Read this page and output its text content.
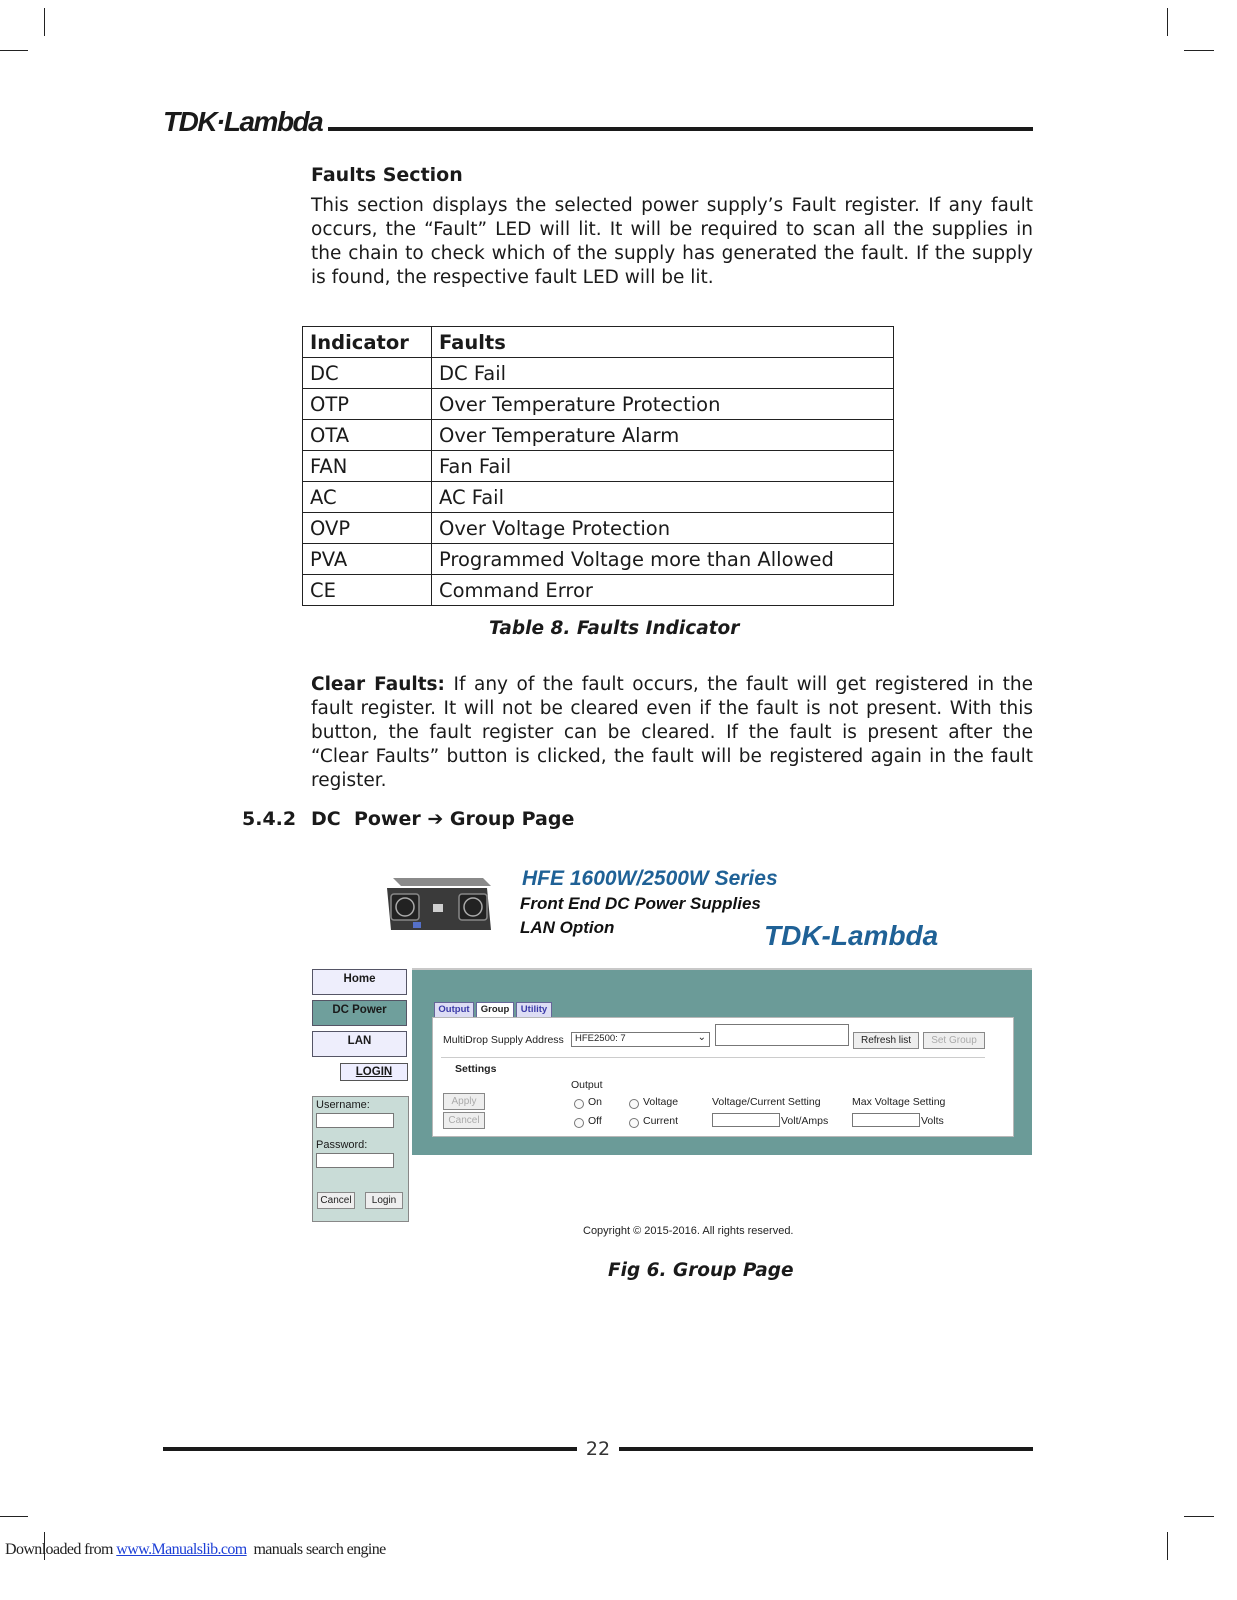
TDK·Lambda
Faults Section

This section displays the selected power supply’s Fault register. If any fault occurs, the “Fault” LED will lit. It will be required to scan all the supplies in the chain to check which of the supply has generated the fault. If the supply is found, the respective fault LED will be lit.

Indicator	Faults
DC	DC Fail
OTP	Over Temperature Protection
OTA	Over Temperature Alarm
FAN	Fan Fail
AC	AC Fail
OVP	Over Voltage Protection
PVA	Programmed Voltage more than Allowed
CE	Command Error
Table 8. Faults Indicator

Clear Faults: If any of the fault occurs, the fault will get registered in the fault register. It will not be cleared even if the fault is not present. With this button, the fault register can be cleared. If the fault is present after the “Clear Faults” button is clicked, the fault will be registered again in the fault register.

5.4.2 DC  Power ➔ Group Page
HFE 1600W/2500W Series
Front End DC Power Supplies
LAN Option	TDK-Lambda
Home
DC Power
LAN
LOGIN
Username:
Password:
Cancel	Login
Output	Group	Utility
MultiDrop Supply Address HFE2500: 7	⌄	Refresh list	Set Group
Settings
Output
Apply
Cancel
On
Off
Voltage
Current
Voltage/Current Setting
Volt/Amps
Max Voltage Setting
Volts
Copyright © 2015-2016. All rights reserved.
Fig 6. Group Page
22
Downloaded from www.Manualslib.com  manuals search engine
